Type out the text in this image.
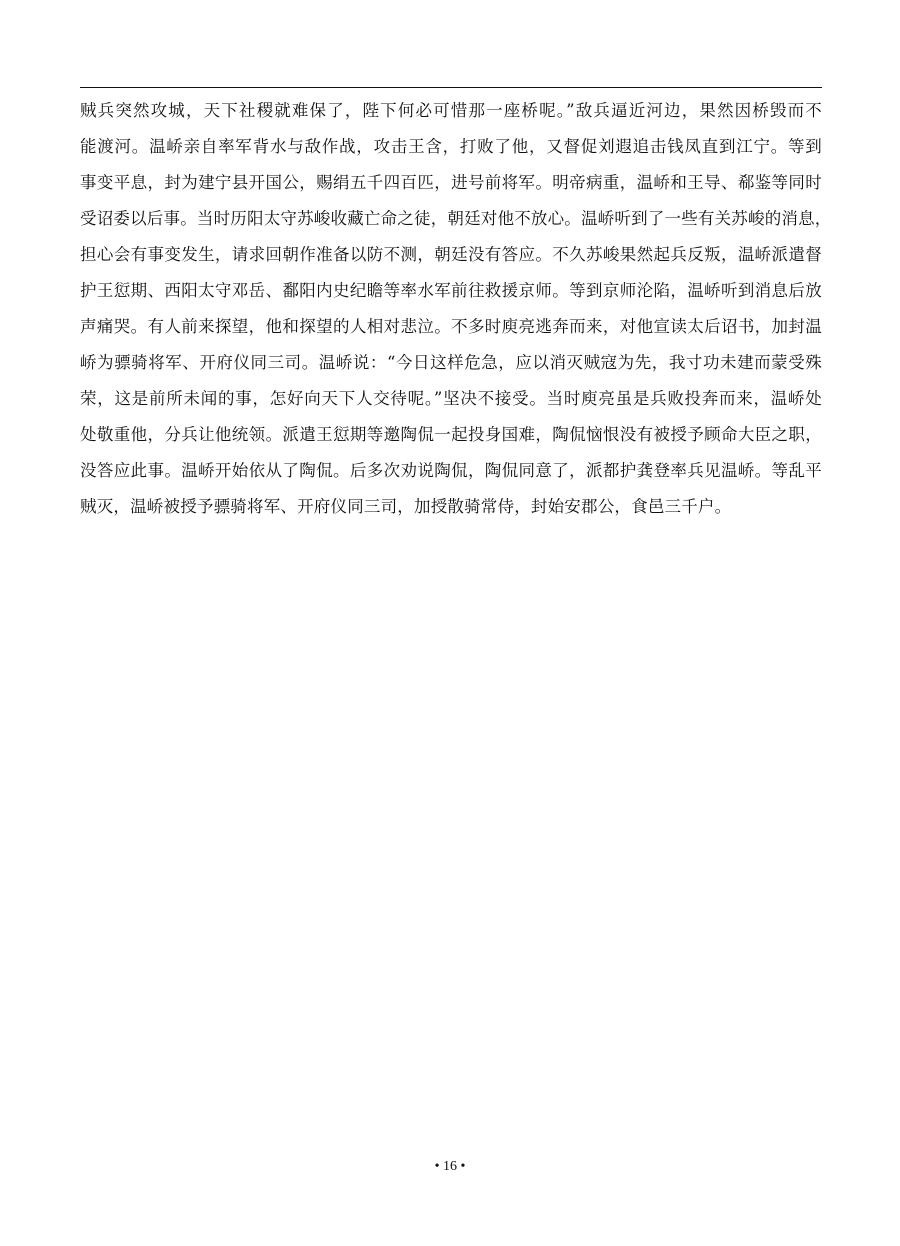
贼兵突然攻城，天下社稷就难保了，陛下何必可惜那一座桥呢。”敌兵逼近河边，果然因桥毁而不
能渡河。温峤亲自率军背水与敌作战，攻击王含，打败了他，又督促刘遐追击钱凤直到江宁。等到
事变平息，封为建宁县开国公，赐绢五千四百匹，进号前将军。明帝病重，温峤和王导、郗鉴等同时
受诏委以后事。当时历阳太守苏峻收藏亡命之徒，朝廷对他不放心。温峤听到了一些有关苏峻的消息，
担心会有事变发生，请求回朝作准备以防不测，朝廷没有答应。不久苏峻果然起兵反叛，温峤派遣督
护王愆期、西阳太守邓岳、鄱阳内史纪瞻等率水军前往救援京师。等到京师沦陷，温峤听到消息后放
声痛哭。有人前来探望，他和探望的人相对悲泣。不多时庾亮逃奔而来，对他宣读太后诏书，加封温
峤为骠骑将军、开府仪同三司。温峤说：“今日这样危急，应以消灭贼寇为先，我寸功未建而蒙受殊
荣，这是前所未闻的事，怎好向天下人交待呢。”坚决不接受。当时庾亮虽是兵败投奔而来，温峤处
处敬重他，分兵让他统领。派遣王愆期等邀陶侃一起投身国难，陶侃恼恨没有被授予顾命大臣之职，
没答应此事。温峤开始依从了陶侃。后多次劝说陶侃，陶侃同意了，派都护龚登率兵见温峤。等乱平
贼灭，温峤被授予骠骑将军、开府仪同三司，加授散骑常侍，封始安郡公，食邑三千户。
• 16 •
